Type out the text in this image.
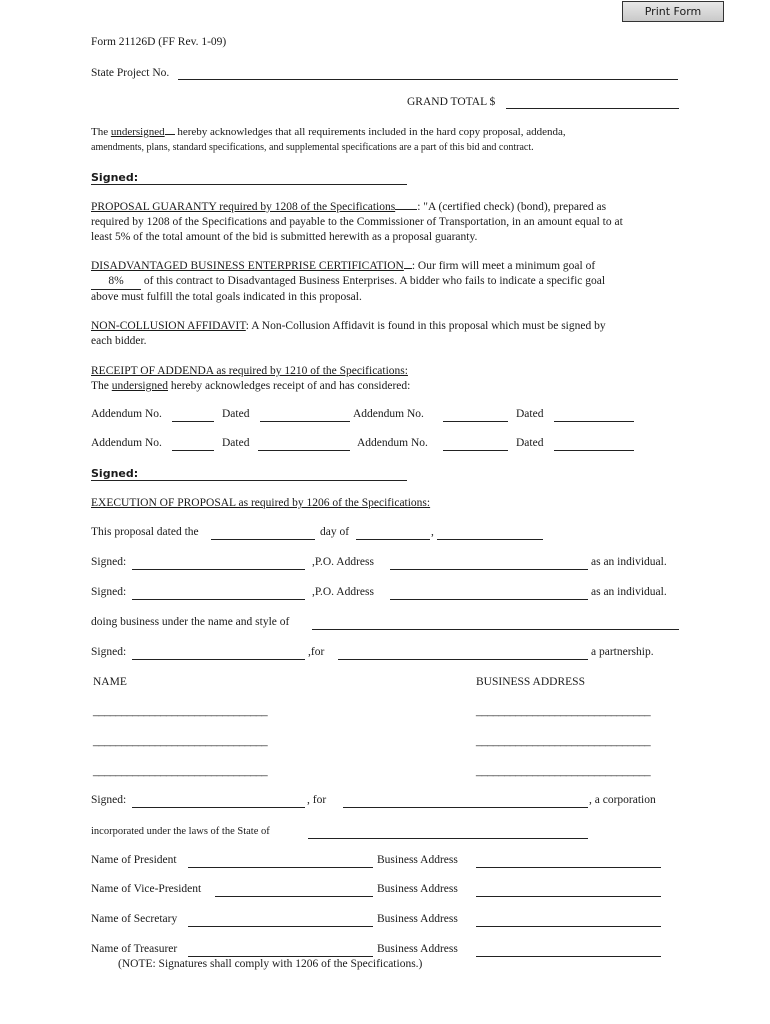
Print Form
Form 21126D (FF Rev. 1-09)
State Project No.
GRAND TOTAL $
The undersigned hereby acknowledges that all requirements included in the hard copy proposal, addenda,
amendments, plans, standard specifications, and supplemental specifications are a part of this bid and contract.
Signed:
PROPOSAL GUARANTY required by 1208 of the Specifications : "A (certified check) (bond), prepared as
required by 1208 of the Specifications and payable to the Commissioner of Transportation, in an amount equal to at
least 5% of the total amount of the bid is submitted herewith as a proposal guaranty.
DISADVANTAGED BUSINESS ENTERPRISE CERTIFICATION : Our firm will meet a minimum goal of
8% of this contract to Disadvantaged Business Enterprises. A bidder who fails to indicate a specific goal
above must fulfill the total goals indicated in this proposal.
NON-COLLUSION AFFIDAVIT: A Non-Collusion Affidavit is found in this proposal which must be signed by
each bidder.
RECEIPT OF ADDENDA as required by 1210 of the Specifications:
The undersigned hereby acknowledges receipt of and has considered:
Addendum No.	Dated	Addendum No.	Dated
Addendum No.	Dated	Addendum No.	Dated
Signed:
EXECUTION OF PROPOSAL as required by 1206 of the Specifications:
This proposal dated the	day of	,
Signed:	,P.O. Address	as an individual.
Signed:	,P.O. Address	as an individual.
doing business under the name and style of
Signed:	,for	a partnership.
NAME	BUSINESS ADDRESS
_______________________________	_______________________________
_______________________________	_______________________________
_______________________________	_______________________________
Signed:	, for	, a corporation
incorporated under the laws of the State of
Name of President	Business Address
Name of Vice-President	Business Address
Name of Secretary	Business Address
Name of Treasurer	Business Address
(NOTE: Signatures shall comply with 1206 of the Specifications.)
